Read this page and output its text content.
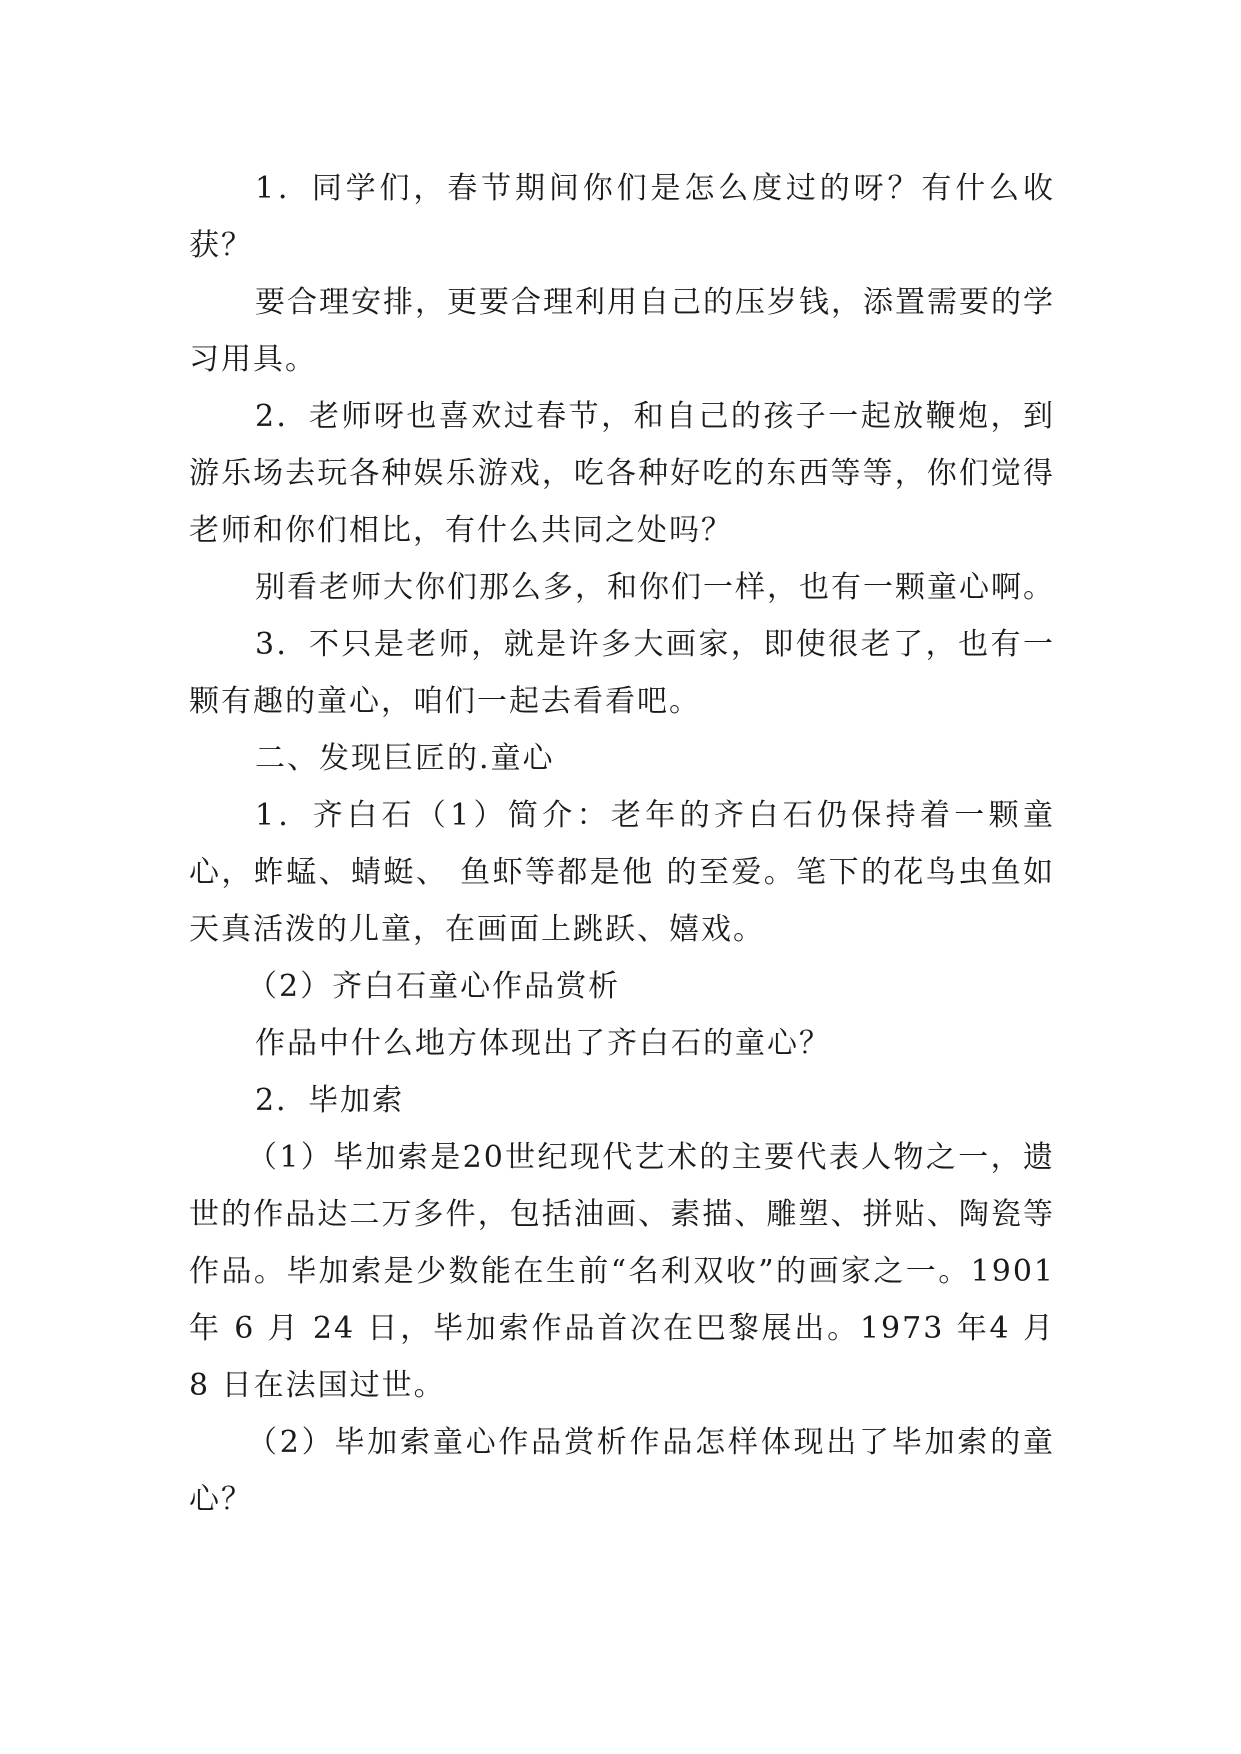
1．同学们，春节期间你们是怎么度过的呀？有什么收获？

要合理安排，更要合理利用自己的压岁钱，添置需要的学习用具。

2．老师呀也喜欢过春节，和自己的孩子一起放鞭炮，到游乐场去玩各种娱乐游戏，吃各种好吃的东西等等，你们觉得老师和你们相比，有什么共同之处吗？

别看老师大你们那么多，和你们一样，也有一颗童心啊。

3．不只是老师，就是许多大画家，即使很老了，也有一颗有趣的童心，咱们一起去看看吧。

二、发现巨匠的.童心

1．齐白石（1）简介：老年的齐白石仍保持着一颗童心，蚱蜢、蜻蜓、 鱼虾等都是他 的至爱。笔下的花鸟虫鱼如天真活泼的儿童，在画面上跳跃、嬉戏。

（2）齐白石童心作品赏析

作品中什么地方体现出了齐白石的童心？

2．毕加索

（1）毕加索是20世纪现代艺术的主要代表人物之一，遗世的作品达二万多件，包括油画、素描、雕塑、拼贴、陶瓷等作品。毕加索是少数能在生前“名利双收”的画家之一。1901 年 6 月 24 日，毕加索作品首次在巴黎展出。1973 年4 月 8 日在法国过世。

（2）毕加索童心作品赏析作品怎样体现出了毕加索的童心？
